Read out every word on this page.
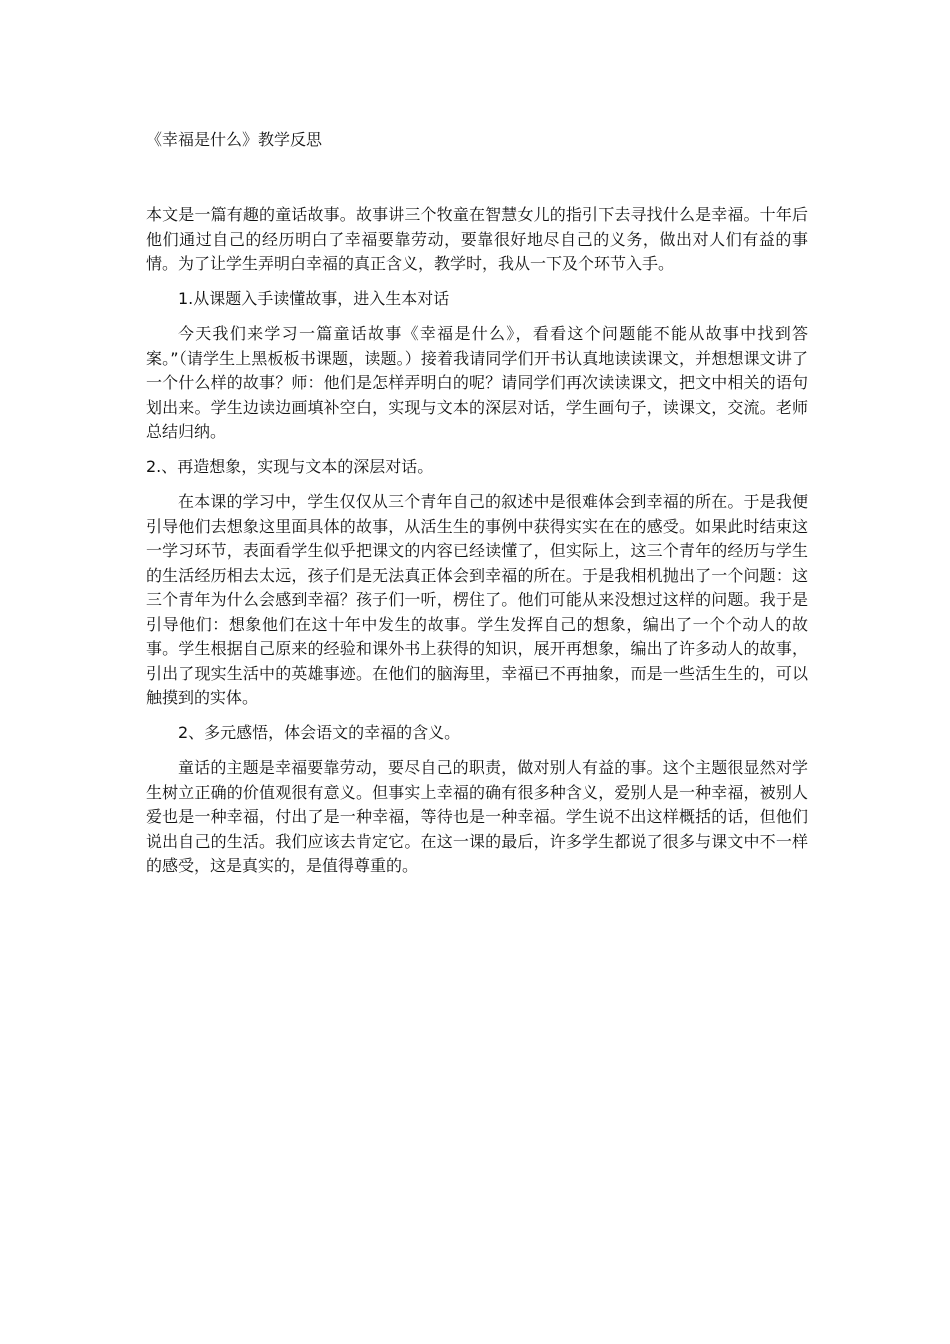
《幸福是什么》教学反思

本文是一篇有趣的童话故事。故事讲三个牧童在智慧女儿的指引下去寻找什么是幸福。十年后他们通过自己的经历明白了幸福要靠劳动，要靠很好地尽自己的义务，做出对人们有益的事情。为了让学生弄明白幸福的真正含义，教学时，我从一下及个环节入手。

1.从课题入手读懂故事，进入生本对话

今天我们来学习一篇童话故事《幸福是什么》，看看这个问题能不能从故事中找到答案。”（请学生上黑板板书课题，读题。）接着我请同学们开书认真地读读课文，并想想课文讲了一个什么样的故事？师：他们是怎样弄明白的呢？请同学们再次读读课文，把文中相关的语句划出来。学生边读边画填补空白，实现与文本的深层对话，学生画句子，读课文，交流。老师总结归纳。

2.、再造想象，实现与文本的深层对话。

在本课的学习中，学生仅仅从三个青年自己的叙述中是很难体会到幸福的所在。于是我便引导他们去想象这里面具体的故事，从活生生的事例中获得实实在在的感受。如果此时结束这一学习环节，表面看学生似乎把课文的内容已经读懂了，但实际上，这三个青年的经历与学生的生活经历相去太远，孩子们是无法真正体会到幸福的所在。于是我相机抛出了一个问题：这三个青年为什么会感到幸福？孩子们一听，楞住了。他们可能从来没想过这样的问题。我于是引导他们：想象他们在这十年中发生的故事。学生发挥自己的想象，编出了一个个动人的故事。学生根据自己原来的经验和课外书上获得的知识，展开再想象，编出了许多动人的故事，引出了现实生活中的英雄事迹。在他们的脑海里，幸福已不再抽象，而是一些活生生的，可以触摸到的实体。

2、多元感悟，体会语文的幸福的含义。

童话的主题是幸福要靠劳动，要尽自己的职责，做对别人有益的事。这个主题很显然对学生树立正确的价值观很有意义。但事实上幸福的确有很多种含义，爱别人是一种幸福，被别人爱也是一种幸福，付出了是一种幸福，等待也是一种幸福。学生说不出这样概括的话，但他们说出自己的生活。我们应该去肯定它。在这一课的最后，许多学生都说了很多与课文中不一样的感受，这是真实的，是值得尊重的。
